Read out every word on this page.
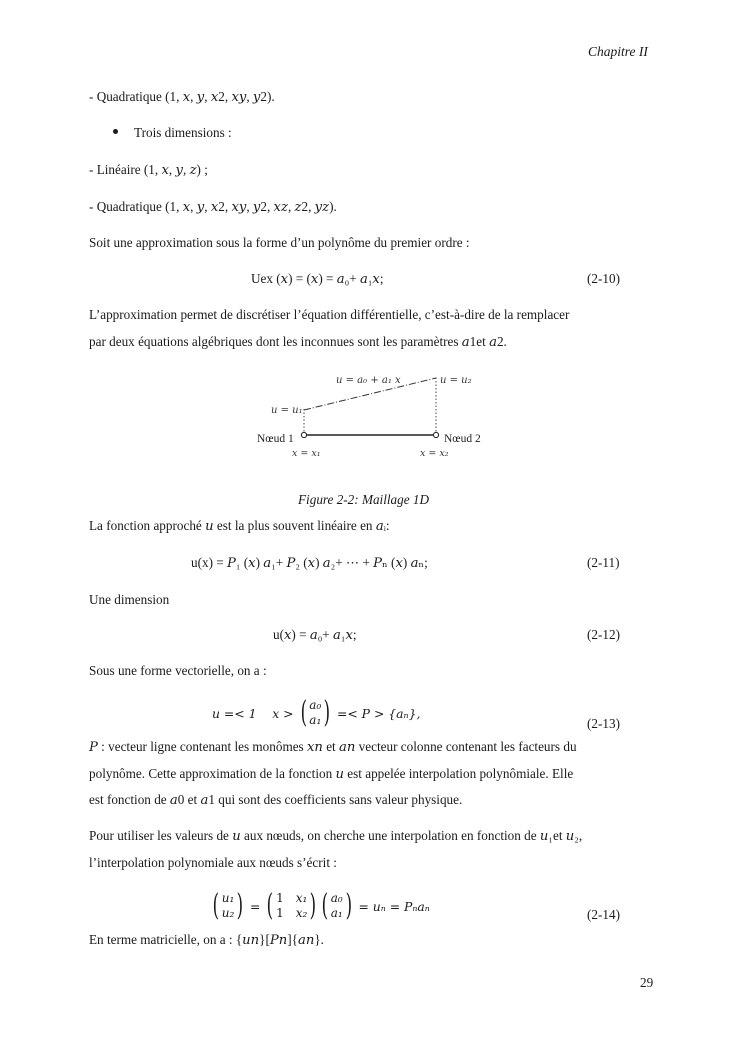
Chapitre II
- Quadratique (1, 𝑥, 𝑦, 𝑥2, 𝑥𝑦, 𝑦2).
Trois dimensions :
- Linéaire (1, 𝑥, 𝑦, 𝑧) ;
- Quadratique (1, 𝑥, 𝑦, 𝑥2, 𝑥𝑦, 𝑦2, 𝑥𝑧, 𝑧2, 𝑦𝑧).
Soit une approximation sous la forme d’un polynôme du premier ordre :
Uex (𝑥) = (𝑥) = 𝑎₀+ 𝑎₁𝑥;	(2-10)
L’approximation permet de discrétiser l’équation différentielle, c’est-à-dire de la remplacer
par deux équations algébriques dont les inconnues sont les paramètres 𝑎1et 𝑎2.
𝑢 = 𝑎₀ + 𝑎₁ 𝑥	𝑢 = 𝑢₂
𝑢 = 𝑢₁
Nœud 1	Nœud 2
𝑥 = 𝑥₁	𝑥 = 𝑥₂
Figure 2-2: Maillage 1D
La fonction approché 𝑢 est la plus souvent linéaire en 𝑎ᵢ:
u(x) = 𝑃₁ (𝑥) 𝑎₁+ 𝑃₂ (𝑥) 𝑎₂+ ⋯ + 𝑃ₙ (𝑥) 𝑎ₙ;	(2-11)
Une dimension
u(𝑥) = 𝑎₀+ 𝑎₁𝑥;	(2-12)
Sous une forme vectorielle, on a :
𝑢 =< 1    𝑥 > ( 𝑎₀
𝑎₁ ) =< 𝑃 > {𝑎ₙ},
(2-13)
𝑃 : vecteur ligne contenant les monômes 𝑥𝑛 et 𝑎𝑛 vecteur colonne contenant les facteurs du
polynôme. Cette approximation de la fonction 𝑢 est appelée interpolation polynômiale. Elle
est fonction de 𝑎0 et 𝑎1 qui sont des coefficients sans valeur physique.
Pour utiliser les valeurs de 𝑢 aux nœuds, on cherche une interpolation en fonction de 𝑢₁et 𝑢₂,
l’interpolation polynomiale aux nœuds s’écrit :
( 𝑢₁
𝑢₂ ) = ( 1 𝑥₁
1 𝑥₂ ) ( 𝑎₀
𝑎₁ ) = 𝑢ₙ = 𝑃ₙ𝑎ₙ
(2-14)
En terme matricielle, on a : {𝑢𝑛}[𝑃𝑛]{𝑎𝑛}.
29
